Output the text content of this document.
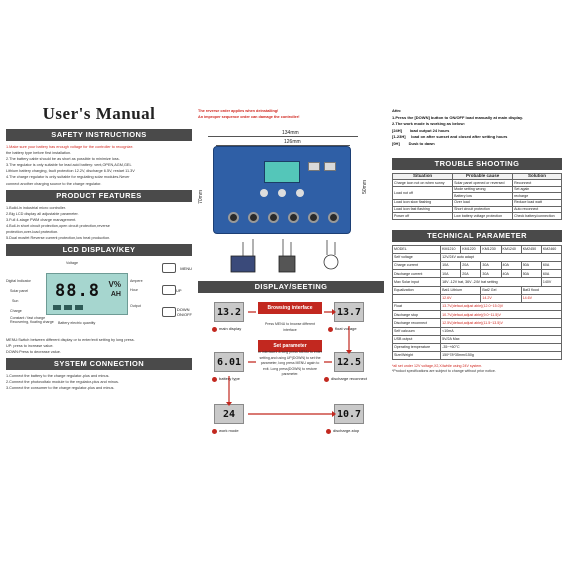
User's Manual
SAFETY INSTRUCTIONS
1.Make sure your battery has enough voltage for the controller to recognize.
the battery type before first installation.
2.The battery cable should be as short as possible to minimize loss.
3.The regulator is only suitable for lead acid battery: vent,OPEN,AGM,GEL
Lithium battery charging, fault protection 12.2V, discharge 6.5V, restart 11.3V
4.The charge regulator is only suitable for regulating solar modules.Never
connect another charging source to the charge regulator.
PRODUCT FEATURES
1.Build-in industrial micro controller.
2.Big LCD display all adjustable parameter.
3.Full 4-stage PWM charge management.
4.Buil-in short circuit protection,open circuit protection,reverse
protection,over-load protection.
5.Dual mosfet Reverse current protection,low heat production.
LCD DISPLAY/KEY
Voltage
Digital Indicator
Solar panel
Sun
Ampere
Hour
Output
Charge
Constant / fast charge
Recovering, floating charge Battery electric quantity
88.8 V%
AH
MENU
UP
DOWN
ON/OFF
MENU:Switch between different display or to enter/exit setting by long press.
UP: press to increase value.
DOWN:Press to decrease value.
SYSTEM CONNECTION
1.Connect the battery to the charge regulator-plus and minus.
2.Connect the photovoltaic module to the regulator-plus and minus.
3.Connect the consumer to the charge regulator-plus and minus.
The reverse order applies when deinstalling!
An improper sequence order can damage the controller!
134mm
126mm
70mm
50mm
DISPLAY/SEETING
13.2
main display
13.7
float voltage
Browsing interface
Press MENU to browse different interface
Set parameter
In interface1 & long press MENU to enter setting,and using UP(DOWN) to set the parameter, long press MENU again to exit. Long press(DOWN) to restore parameter.
6.01
battery type
12.5
discharge reconnect
24
work mode
10.7
discharge-stop
Attn:
1.Press the [DOWN] button to ON/OFF load manually at main display.
2.The work mode is working as below:
[24H]       load output 24 hours
[1-23H]     load on after sunset and closed after setting hours
[0H]        Dusk to dawn
TROUBLE SHOOTING
Situation	Probable cause	Solution
Charge icon not on when sunny	Solar panel opened or reversed	Reconnect
Load not off	Mode setting wrong	Set again
	Battery low	recharge
Load icon slow flashing	Over load	Reduce load watt
Load icon fast flashing	Short circuit protection	Auto reconnect
Power off	Low battery voltage protection	Check battery/connection
TECHNICAL PARAMETER
MODEL	KM1210	KM1220	KM1230	KM1240	KM2450	KM2460
Self voltage	12V/24V auto adapt					
Charge current	10A	20A	30A	40A	50A	60A
Discharge current	10A	20A	30A	40A	50A	60A
Max Solar input	18V -12V bat, 36V -24V bat setting					140V
Equalization	Bat1 Lithium		Bat2 Gel		Bat3 flood	
	12.6V		14.2V		14.6V	
Float	13.7V(defaut,adjust able)(12.0~15.0)V					
Discharge stop	10.7V(defaut,adjust able)(9.0~11.5)V					
Discharge reconnect	12.5V(defaut,adjust able)(11.5~13.5)V					
Self calcuum	<10mA					
USB output	5V/2A Max					
Operating temperature	-35~+60°C					
Size/Weight	150*78*35mm/150g					
*all set under 12V voltage,X2,X4while using 24V system.
*Product specifications are subject to change without prior notice.
